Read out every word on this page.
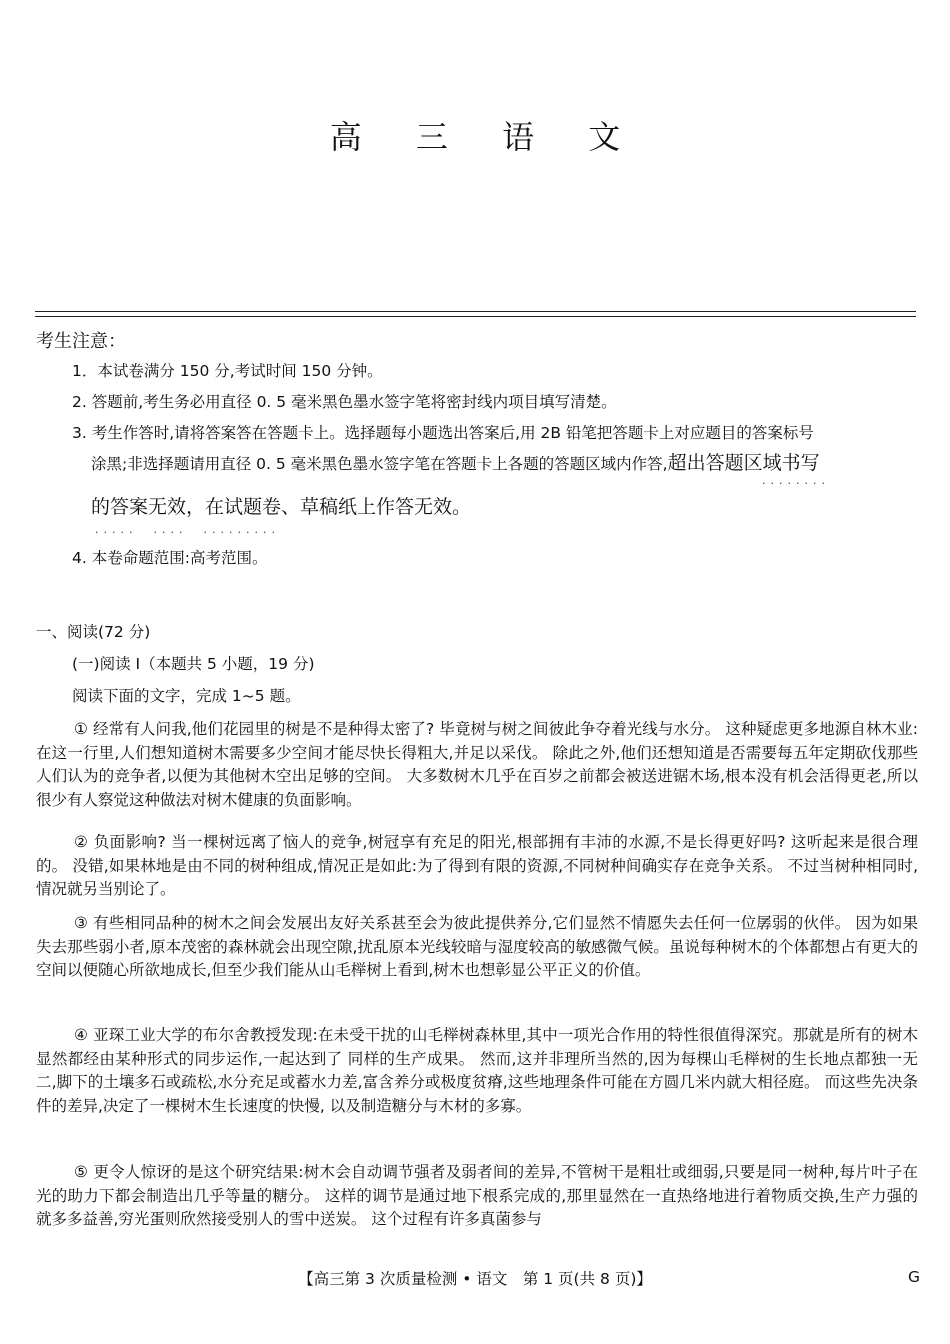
高 三 语 文
考生注意：
1．本试卷满分 150 分,考试时间 150 分钟。
2. 答题前,考生务必用直径 0. 5 毫米黑色墨水签字笔将密封线内项目填写清楚。
3. 考生作答时,请将答案答在答题卡上。选择题每小题选出答案后,用 2B 铅笔把答题卡上对应题目的答案标号
涂黑;非选择题请用直径 0. 5 毫米黑色墨水签字笔在答题卡上各题的答题区域内作答,超出答题区域书写
········
的答案无效，在试题卷、草稿纸上作答无效。
·····　····　·········
4. 本卷命题范围:高考范围。
一、阅读(72 分)
(一)阅读 I（本题共 5 小题，19 分)
阅读下面的文字，完成 1~5 题。

① 经常有人问我,他们花园里的树是不是种得太密了? 毕竟树与树之间彼此争夺着光线与水分。 这种疑虑更多地源自林木业:在这一行里,人们想知道树木需要多少空间才能尽快长得粗大,并足以采伐。 除此之外,他们还想知道是否需要每五年定期砍伐那些人们认为的竞争者,以便为其他树木空出足够的空间。 大多数树木几乎在百岁之前都会被送进锯木场,根本没有机会活得更老,所以很少有人察觉这种做法对树木健康的负面影响。

② 负面影响? 当一棵树远离了恼人的竞争,树冠享有充足的阳光,根部拥有丰沛的水源,不是长得更好吗? 这听起来是很合理的。 没错,如果林地是由不同的树种组成,情况正是如此:为了得到有限的资源,不同树种间确实存在竞争关系。 不过当树种相同时,情况就另当别论了。

③ 有些相同品种的树木之间会发展出友好关系甚至会为彼此提供养分,它们显然不情愿失去任何一位孱弱的伙伴。 因为如果失去那些弱小者,原本茂密的森林就会出现空隙,扰乱原本光线较暗与湿度较高的敏感微气候。虽说每种树木的个体都想占有更大的空间以便随心所欲地成长,但至少我们能从山毛榉树上看到,树木也想彰显公平正义的价值。

④ 亚琛工业大学的布尔舍教授发现:在未受干扰的山毛榉树森林里,其中一项光合作用的特性很值得深究。那就是所有的树木显然都经由某种形式的同步运作,一起达到了 同样的生产成果。 然而,这并非理所当然的,因为每棵山毛榉树的生长地点都独一无二,脚下的土壤多石或疏松,水分充足或蓄水力差,富含养分或极度贫瘠,这些地理条件可能在方圆几米内就大相径庭。 而这些先决条件的差异,决定了一棵树木生长速度的快慢, 以及制造糖分与木材的多寡。

⑤ 更令人惊讶的是这个研究结果:树木会自动调节强者及弱者间的差异,不管树干是粗壮或细弱,只要是同一树种,每片叶子在光的助力下都会制造出几乎等量的糖分。 这样的调节是通过地下根系完成的,那里显然在一直热络地进行着物质交换,生产力强的就多多益善,穷光蛋则欣然接受别人的雪中送炭。 这个过程有许多真菌参与

【高三第 3 次质量检测 • 语文　第 1 页(共 8 页)】	G
